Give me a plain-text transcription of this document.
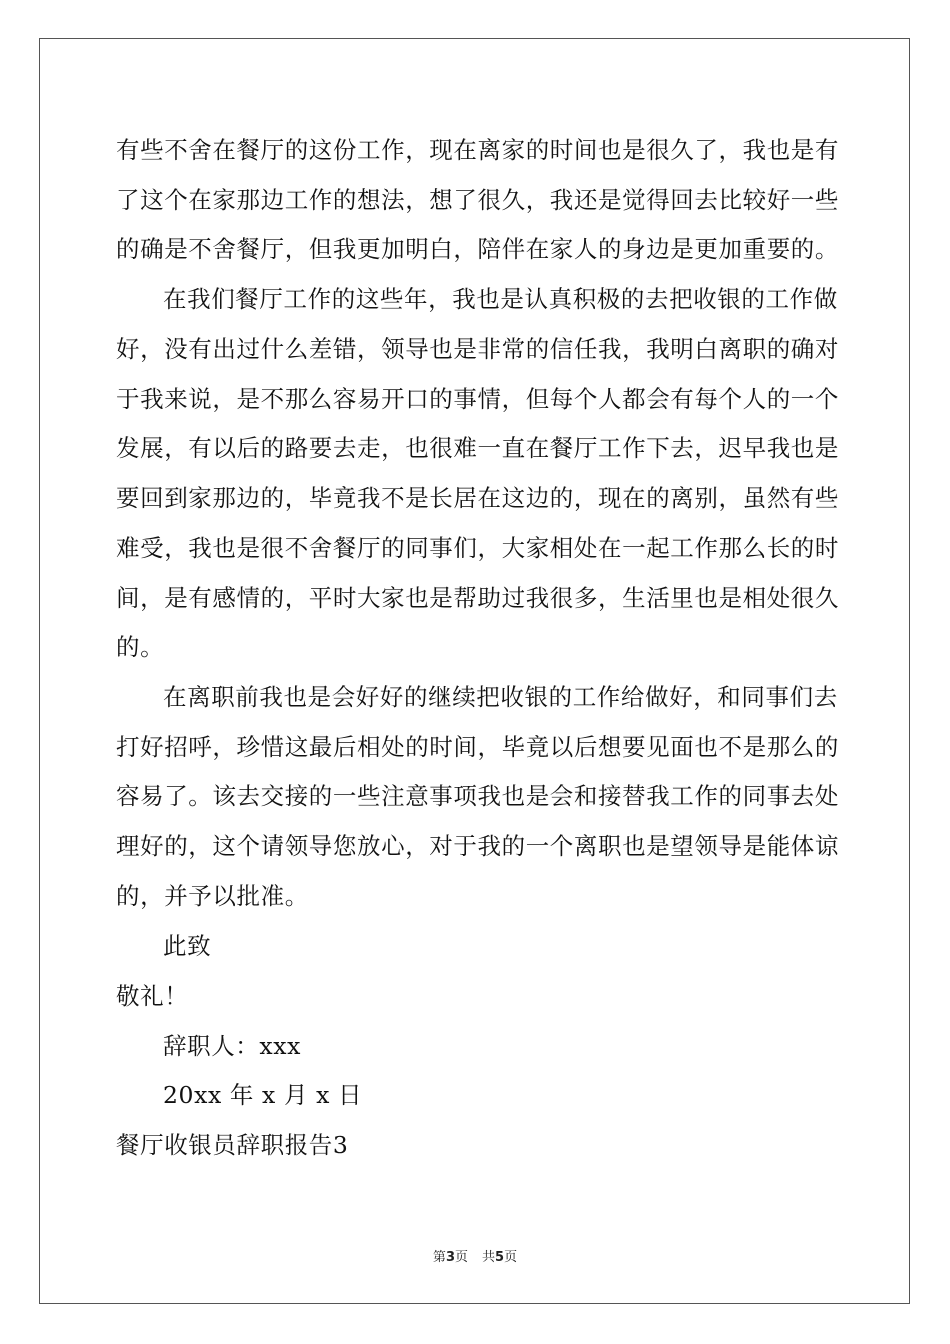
有些不舍在餐厅的这份工作，现在离家的时间也是很久了，我也是有
了这个在家那边工作的想法，想了很久，我还是觉得回去比较好一些
的确是不舍餐厅，但我更加明白，陪伴在家人的身边是更加重要的。
在我们餐厅工作的这些年，我也是认真积极的去把收银的工作做
好，没有出过什么差错，领导也是非常的信任我，我明白离职的确对
于我来说，是不那么容易开口的事情，但每个人都会有每个人的一个
发展，有以后的路要去走，也很难一直在餐厅工作下去，迟早我也是
要回到家那边的，毕竟我不是长居在这边的，现在的离别，虽然有些
难受，我也是很不舍餐厅的同事们，大家相处在一起工作那么长的时
间，是有感情的，平时大家也是帮助过我很多，生活里也是相处很久
的。
在离职前我也是会好好的继续把收银的工作给做好，和同事们去
打好招呼，珍惜这最后相处的时间，毕竟以后想要见面也不是那么的
容易了。该去交接的一些注意事项我也是会和接替我工作的同事去处
理好的，这个请领导您放心，对于我的一个离职也是望领导是能体谅
的，并予以批准。
此致
敬礼！
辞职人：xxx
20xx 年 x 月 x 日
餐厅收银员辞职报告3
第3页 共5页
